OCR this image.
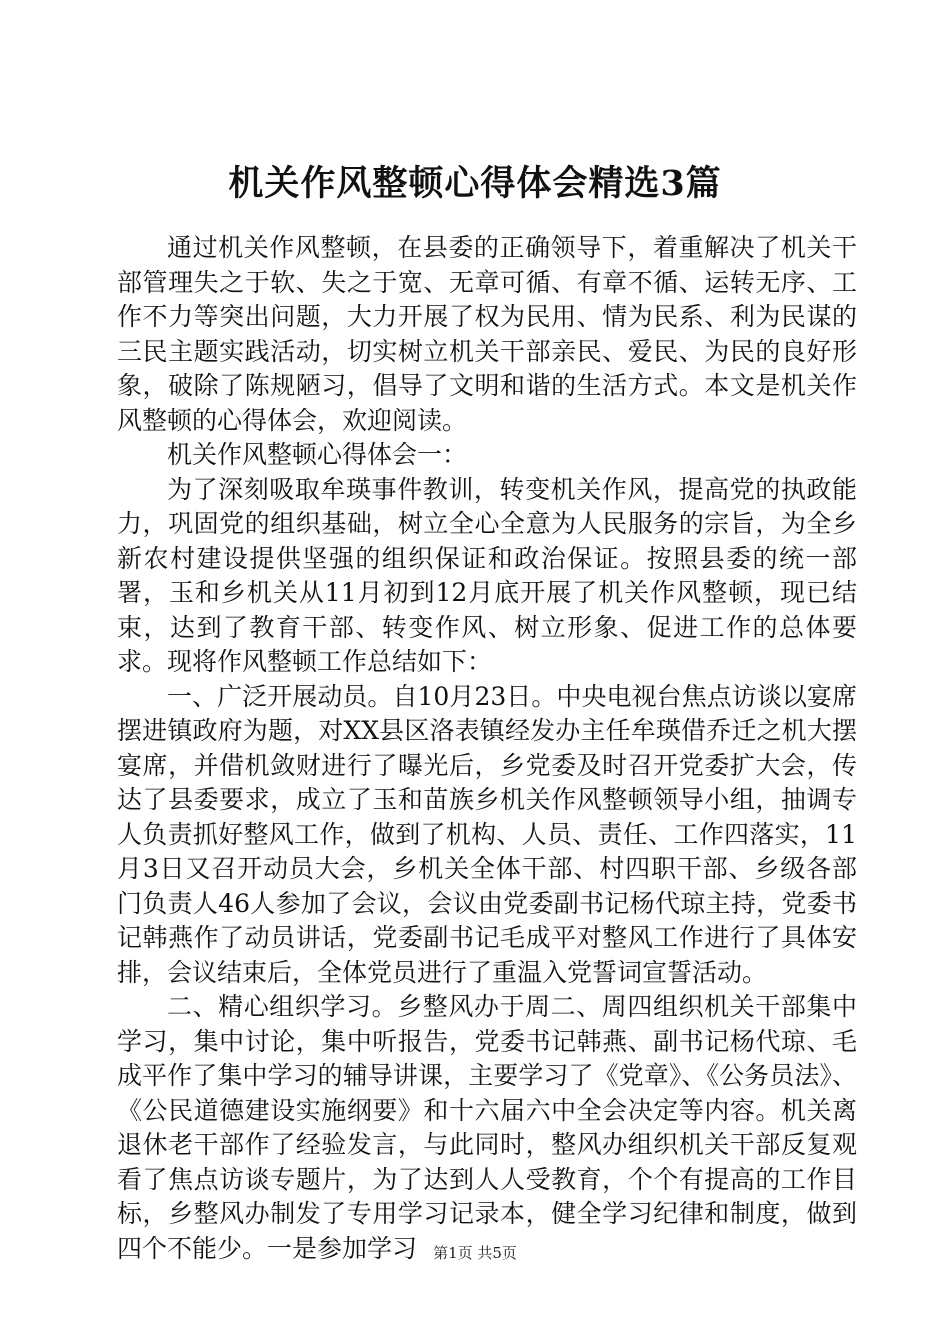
机关作风整顿心得体会精选3篇

通过机关作风整顿，在县委的正确领导下，着重解决了机关干部管理失之于软、失之于宽、无章可循、有章不循、运转无序、工作不力等突出问题，大力开展了权为民用、情为民系、利为民谋的三民主题实践活动，切实树立机关干部亲民、爱民、为民的良好形象，破除了陈规陋习，倡导了文明和谐的生活方式。本文是机关作风整顿的心得体会，欢迎阅读。

机关作风整顿心得体会一：

为了深刻吸取牟瑛事件教训，转变机关作风，提高党的执政能力，巩固党的组织基础，树立全心全意为人民服务的宗旨，为全乡新农村建设提供坚强的组织保证和政治保证。按照县委的统一部署，玉和乡机关从11月初到12月底开展了机关作风整顿，现已结束，达到了教育干部、转变作风、树立形象、促进工作的总体要求。现将作风整顿工作总结如下：

一、广泛开展动员。自10月23日。中央电视台焦点访谈以宴席摆进镇政府为题，对XX县区洛表镇经发办主任牟瑛借乔迁之机大摆宴席，并借机敛财进行了曝光后，乡党委及时召开党委扩大会，传达了县委要求，成立了玉和苗族乡机关作风整顿领导小组，抽调专人负责抓好整风工作，做到了机构、人员、责任、工作四落实，11月3日又召开动员大会，乡机关全体干部、村四职干部、乡级各部门负责人46人参加了会议，会议由党委副书记杨代琼主持，党委书记韩燕作了动员讲话，党委副书记毛成平对整风工作进行了具体安排，会议结束后，全体党员进行了重温入党誓词宣誓活动。

二、精心组织学习。乡整风办于周二、周四组织机关干部集中学习，集中讨论，集中听报告，党委书记韩燕、副书记杨代琼、毛成平作了集中学习的辅导讲课，主要学习了《党章》、《公务员法》、《公民道德建设实施纲要》和十六届六中全会决定等内容。机关离退休老干部作了经验发言，与此同时，整风办组织机关干部反复观看了焦点访谈专题片，为了达到人人受教育，个个有提高的工作目标，乡整风办制发了专用学习记录本，健全学习纪律和制度，做到四个不能少。一是参加学习	第1页 共5页
